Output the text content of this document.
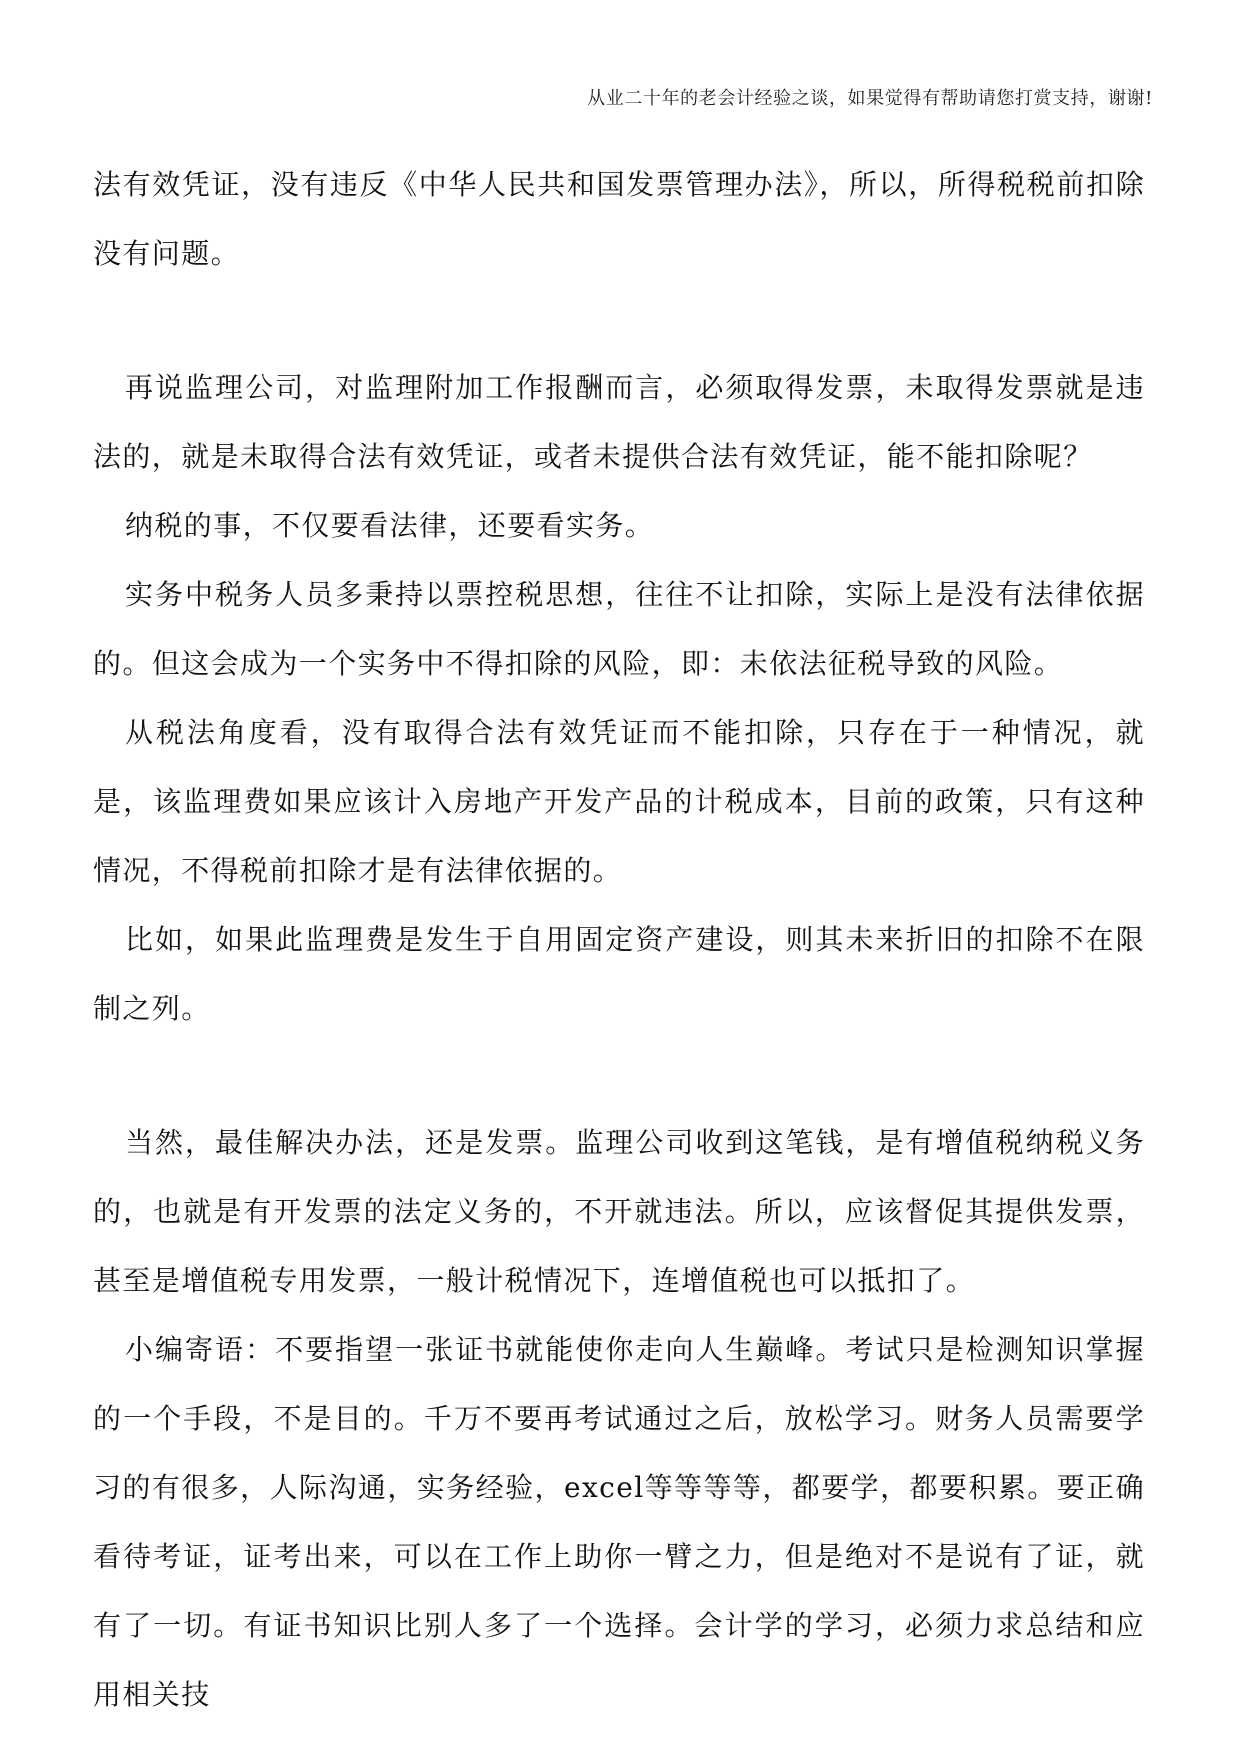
从业二十年的老会计经验之谈，如果觉得有帮助请您打赏支持，谢谢!

法有效凭证，没有违反《中华人民共和国发票管理办法》，所以，所得税税前扣除没有问题。

再说监理公司，对监理附加工作报酬而言，必须取得发票，未取得发票就是违法的，就是未取得合法有效凭证，或者未提供合法有效凭证，能不能扣除呢？

纳税的事，不仅要看法律，还要看实务。

实务中税务人员多秉持以票控税思想，往往不让扣除，实际上是没有法律依据的。但这会成为一个实务中不得扣除的风险，即：未依法征税导致的风险。

从税法角度看，没有取得合法有效凭证而不能扣除，只存在于一种情况，就是，该监理费如果应该计入房地产开发产品的计税成本，目前的政策，只有这种情况，不得税前扣除才是有法律依据的。

比如，如果此监理费是发生于自用固定资产建设，则其未来折旧的扣除不在限制之列。

当然，最佳解决办法，还是发票。监理公司收到这笔钱，是有增值税纳税义务的，也就是有开发票的法定义务的，不开就违法。所以，应该督促其提供发票，甚至是增值税专用发票，一般计税情况下，连增值税也可以抵扣了。

小编寄语：不要指望一张证书就能使你走向人生巅峰。考试只是检测知识掌握的一个手段，不是目的。千万不要再考试通过之后，放松学习。财务人员需要学习的有很多，人际沟通，实务经验，excel等等等等，都要学，都要积累。要正确看待考证，证考出来，可以在工作上助你一臂之力，但是绝对不是说有了证，就有了一切。有证书知识比别人多了一个选择。会计学的学习，必须力求总结和应用相关技
